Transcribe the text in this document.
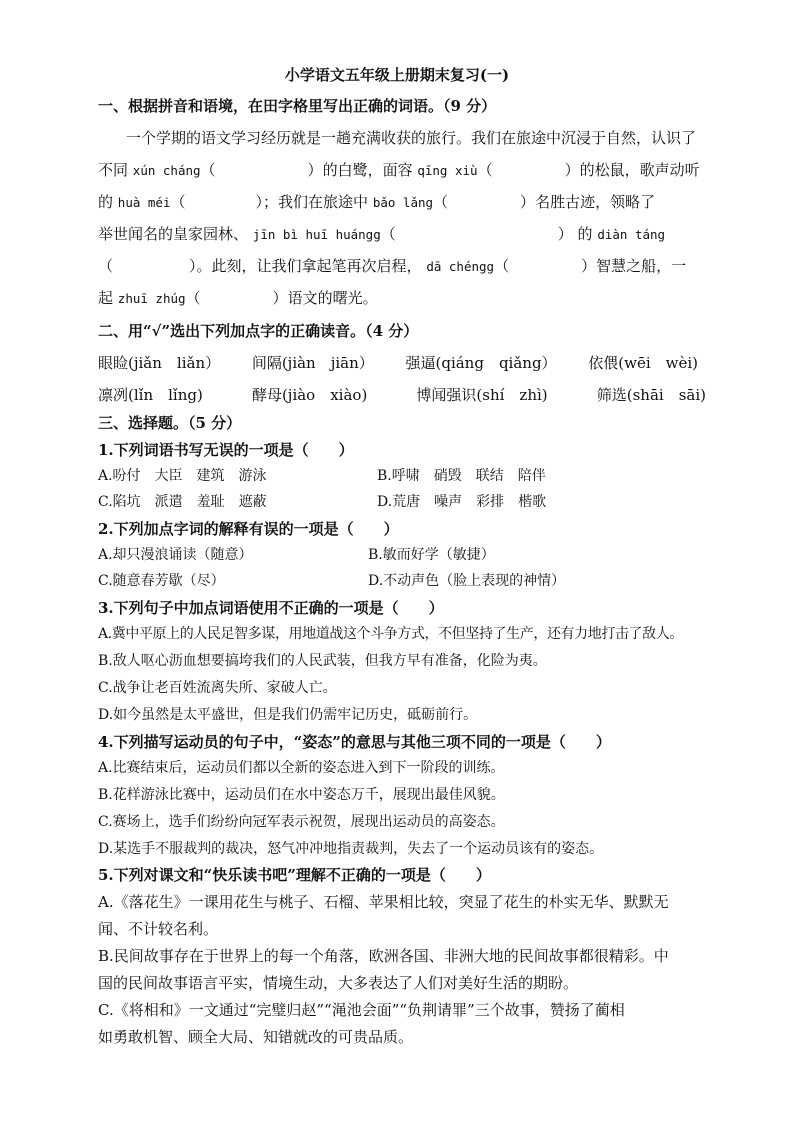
小学语文五年级上册期末复习(一)
一、根据拼音和语境，在田字格里写出正确的词语。（9 分）
一个学期的语文学习经历就是一趟充满收获的旅行。我们在旅途中沉浸于自然，认识了
不同 xún cháng（	）的白鹭，面容 qīng xiù（	）的松鼠，歌声动听
的 huà méi（	）；我们在旅途中 bǎo lǎng（	）名胜古迹，领略了
举世闻名的皇家园林、 jīn bì huī huángg（	） 的 diàn táng
（	）。此刻，让我们拿起笔再次启程， dā chéngg（	）智慧之船，一
起 zhuī zhúg（	）语文的曙光。
二、用“√”选出下列加点字的正确读音。（4 分）
眼睑(jiǎn　liǎn） 间隔(jiàn　jiān） 强逼(qiáng　qiǎng） 依偎(wēi　wèi)
凛冽(lǐn　lǐng)	酵母(jiào　xiào)	博闻强识(shí　zhì)	筛选(shāi　sāi)
三、选择题。（5 分）
1.下列词语书写无误的一项是（　　）
A.吩付　大臣　建筑　游泳	B.呼啸　硝毁　联结　陪伴
C.陷坑　派遣　羞耻　遮蔽	D.荒唐　噪声　彩排　楷歌
2.下列加点字词的解释有误的一项是（　　）
A.却只漫浪诵读（随意）	B.敏而好学（敏捷）
C.随意春芳歇（尽）	D.不动声色（脸上表现的神情）
3.下列句子中加点词语使用不正确的一项是（　　）
A.冀中平原上的人民足智多谋，用地道战这个斗争方式，不但坚持了生产，还有力地打击了敌人。
B.敌人呕心沥血想要搞垮我们的人民武装，但我方早有准备，化险为夷。
C.战争让老百姓流离失所、家破人亡。
D.如今虽然是太平盛世，但是我们仍需牢记历史，砥砺前行。
4.下列描写运动员的句子中，“姿态”的意思与其他三项不同的一项是（　　）
A.比赛结束后，运动员们都以全新的姿态进入到下一阶段的训练。
B.花样游泳比赛中，运动员们在水中姿态万千，展现出最佳风貌。
C.赛场上，选手们纷纷向冠军表示祝贺，展现出运动员的高姿态。
D.某选手不服裁判的裁决，怒气冲冲地指责裁判，失去了一个运动员该有的姿态。
5.下列对课文和“快乐读书吧”理解不正确的一项是（　　）
A.《落花生》一课用花生与桃子、石榴、苹果相比较，突显了花生的朴实无华、默默无
闻、不计较名利。
B.民间故事存在于世界上的每一个角落，欧洲各国、非洲大地的民间故事都很精彩。中
国的民间故事语言平实，情境生动，大多表达了人们对美好生活的期盼。
C.《将相和》一文通过“完璧归赵”“渑池会面”“负荆请罪”三个故事，赞扬了蔺相
如勇敢机智、顾全大局、知错就改的可贵品质。
